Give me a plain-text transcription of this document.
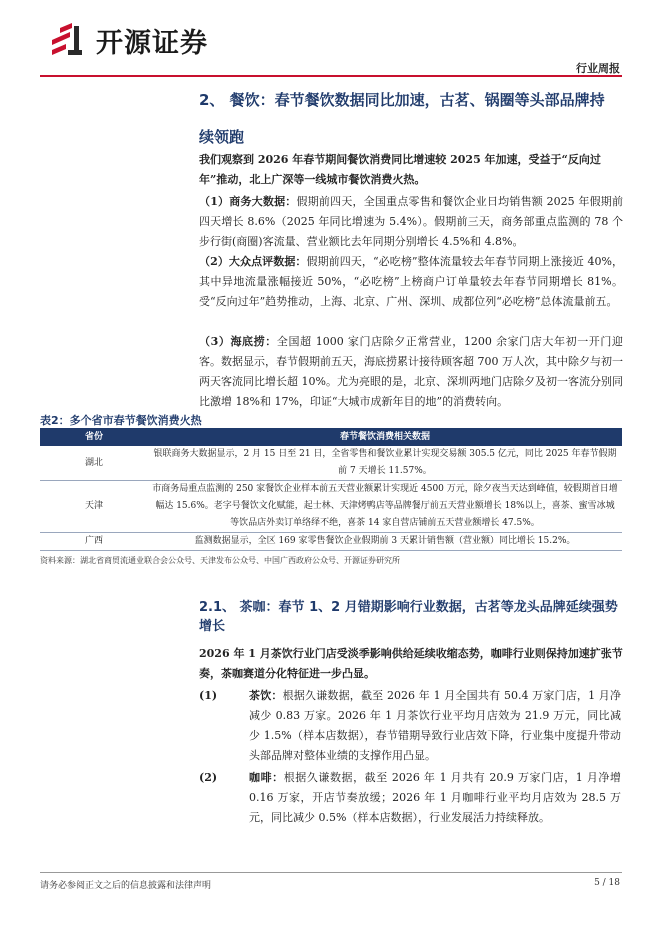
开源证券
行业周报
2、 餐饮：春节餐饮数据同比加速，古茗、锅圈等头部品牌持
续领跑
我们观察到 2026 年春节期间餐饮消费同比增速较 2025 年加速，受益于“反向过年”推动，北上广深等一线城市餐饮消费火热。
（1）商务大数据：假期前四天，全国重点零售和餐饮企业日均销售额 2025 年假期前四天增长 8.6%（2025 年同比增速为 5.4%）。假期前三天，商务部重点监测的 78 个步行街(商圈)客流量、营业额比去年同期分别增长 4.5%和 4.8%。
（2）大众点评数据：假期前四天，“必吃榜”整体流量较去年春节同期上涨接近 40%，其中异地流量涨幅接近 50%，“必吃榜”上榜商户订单量较去年春节同期增长 81%。受“反向过年”趋势推动，上海、北京、广州、深圳、成都位列“必吃榜”总体流量前五。
（3）海底捞：全国超 1000 家门店除夕正常营业，1200 余家门店大年初一开门迎客。数据显示，春节假期前五天，海底捞累计接待顾客超 700 万人次，其中除夕与初一两天客流同比增长超 10%。尤为亮眼的是，北京、深圳两地门店除夕及初一客流分别同比激增 18%和 17%，印证“大城市成新年目的地”的消费转向。
表2：多个省市春节餐饮消费火热
省份	春节餐饮消费相关数据
湖北	银联商务大数据显示，2 月 15 日至 21 日，全省零售和餐饮业累计实现交易额 305.5 亿元，同比 2025 年春节假期前 7 天增长 11.57%。
天津	市商务局重点监测的 250 家餐饮企业样本前五天营业额累计实现近 4500 万元，除夕夜当天达到峰值，较假期首日增幅达 15.6%。老字号餐饮文化赋能，起士林、天津烤鸭店等品牌餐厅前五天营业额增长 18%以上，喜茶、蜜雪冰城等饮品店外卖订单络绎不绝，喜茶 14 家自营店铺前五天营业额增长 47.5%。
广西	监测数据显示，全区 169 家零售餐饮企业假期前 3 天累计销售额（营业额）同比增长 15.2%。
资料来源：湖北省商贸流通业联合会公众号、天津发布公众号、中国广西政府公众号、开源证券研究所
2.1、 茶咖：春节 1、2 月错期影响行业数据，古茗等龙头品牌延续强势增长
2026 年 1 月茶饮行业门店受淡季影响供给延续收缩态势，咖啡行业则保持加速扩张节奏，茶咖赛道分化特征进一步凸显。
(1)	茶饮：根据久谦数据，截至 2026 年 1 月全国共有 50.4 万家门店，1 月净减少 0.83 万家。2026 年 1 月茶饮行业平均月店效为 21.9 万元，同比减少 1.5%（样本店数据），春节错期导致行业店效下降，行业集中度提升带动头部品牌对整体业绩的支撑作用凸显。
(2)	咖啡：根据久谦数据，截至 2026 年 1 月共有 20.9 万家门店，1 月净增 0.16 万家，开店节奏放缓；2026 年 1 月咖啡行业平均月店效为 28.5 万元，同比减少 0.5%（样本店数据），行业发展活力持续释放。
请务必参阅正文之后的信息披露和法律声明	5 / 18
